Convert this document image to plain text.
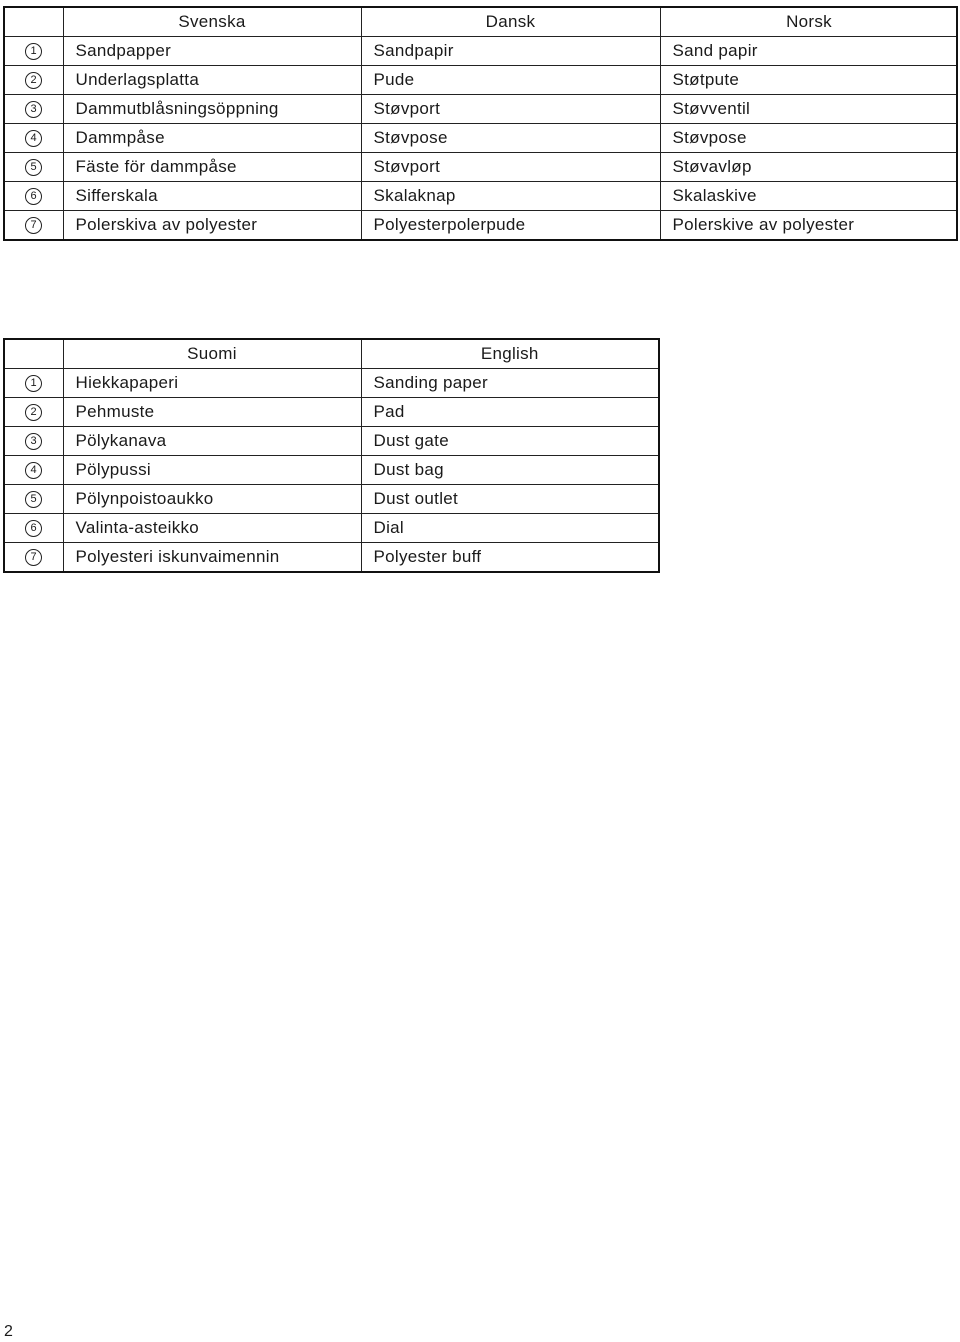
	Svenska	Dansk	Norsk
1	Sandpapper	Sandpapir	Sand papir
2	Underlagsplatta	Pude	Støtpute
3	Dammutblåsningsöppning	Støvport	Støvventil
4	Dammpåse	Støvpose	Støvpose
5	Fäste för dammpåse	Støvport	Støvavløp
6	Sifferskala	Skalaknap	Skalaskive
7	Polerskiva av polyester	Polyesterpolerpude	Polerskive av polyester
	Suomi	English
1	Hiekkapaperi	Sanding paper
2	Pehmuste	Pad
3	Pölykanava	Dust gate
4	Pölypussi	Dust bag
5	Pölynpoistoaukko	Dust outlet
6	Valinta-asteikko	Dial
7	Polyesteri iskunvaimennin	Polyester buff
2
